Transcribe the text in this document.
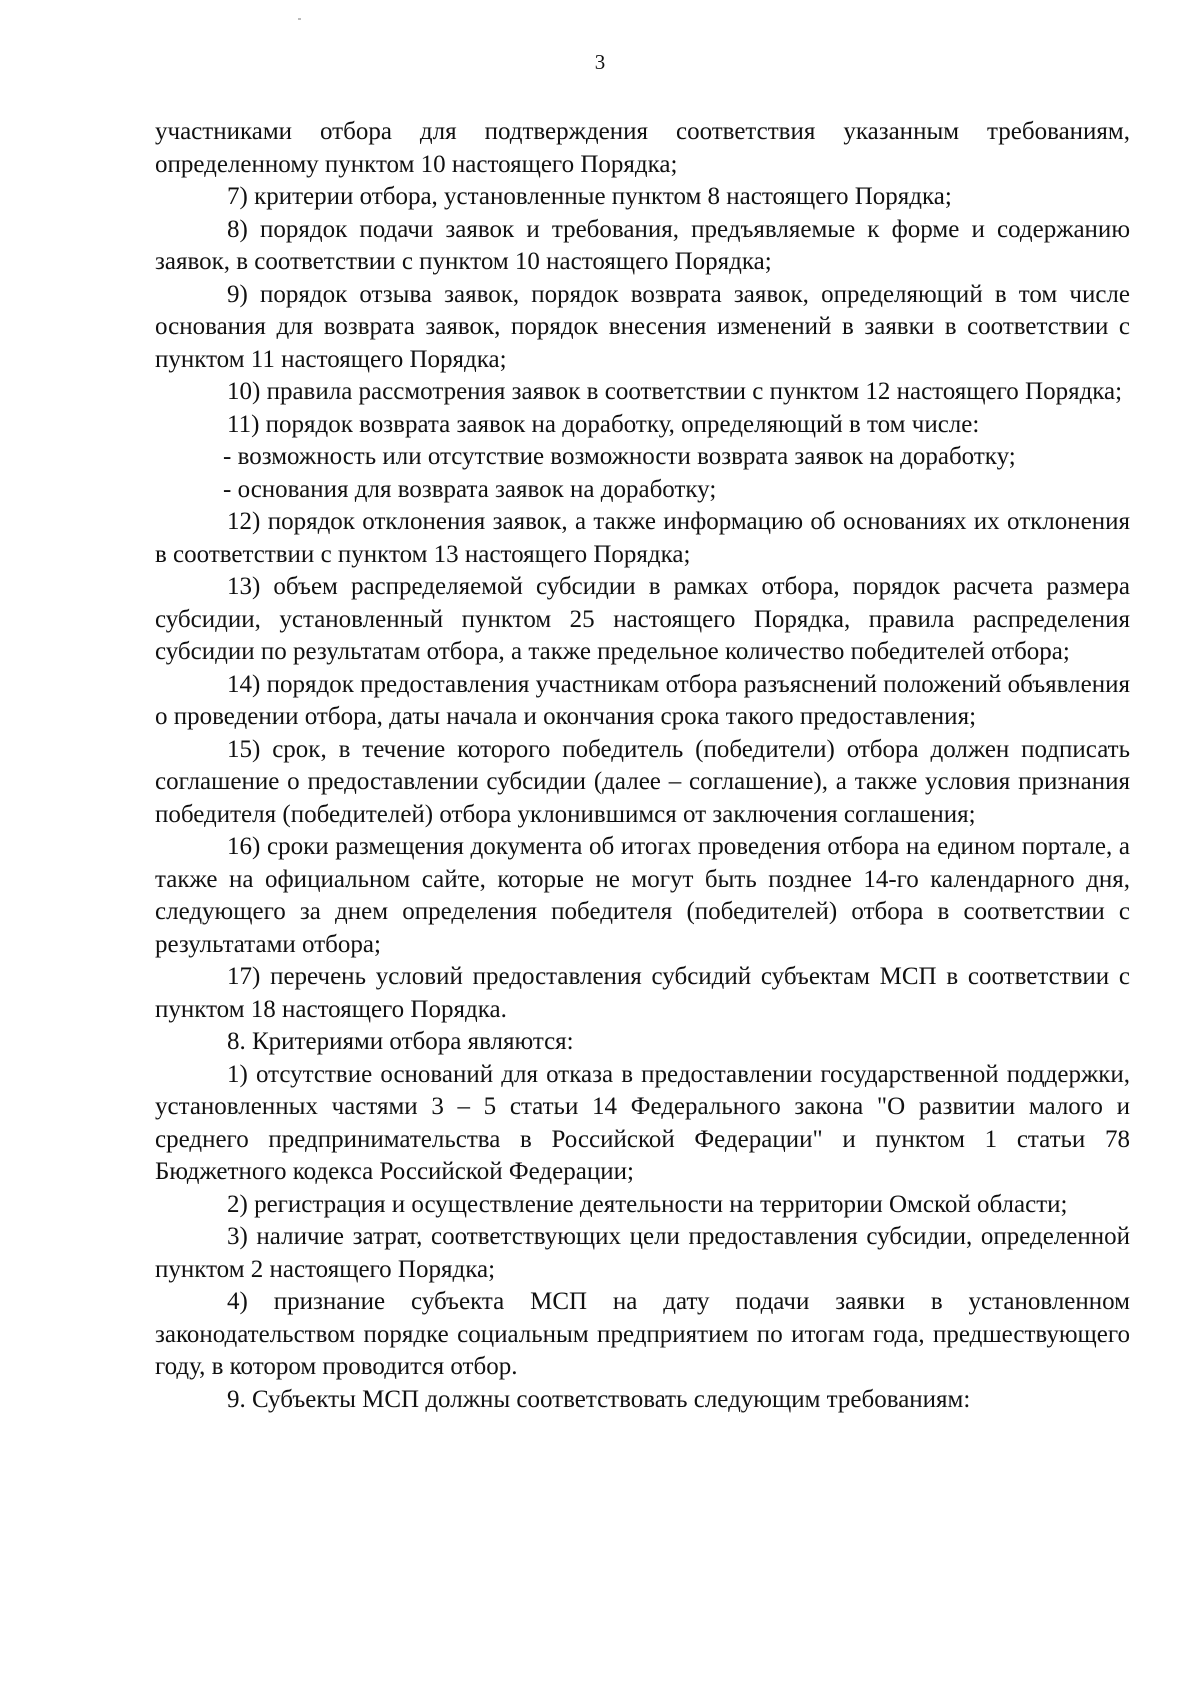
3

участниками отбора для подтверждения соответствия указанным требованиям, определенному пунктом 10 настоящего Порядка;

7) критерии отбора, установленные пунктом 8 настоящего Порядка;

8) порядок подачи заявок и требования, предъявляемые к форме и содержанию заявок, в соответствии с пунктом 10 настоящего Порядка;

9) порядок отзыва заявок, порядок возврата заявок, определяющий в том числе основания для возврата заявок, порядок внесения изменений в заявки в соответствии с пунктом 11 настоящего Порядка;

10) правила рассмотрения заявок в соответствии с пунктом 12 настоящего Порядка;

11) порядок возврата заявок на доработку, определяющий в том числе:

- возможность или отсутствие возможности возврата заявок на доработку;

- основания для возврата заявок на доработку;

12) порядок отклонения заявок, а также информацию об основаниях их отклонения в соответствии с пунктом 13 настоящего Порядка;

13) объем распределяемой субсидии в рамках отбора, порядок расчета размера субсидии, установленный пунктом 25 настоящего Порядка, правила распределения субсидии по результатам отбора, а также предельное количество победителей отбора;

14) порядок предоставления участникам отбора разъяснений положений объявления о проведении отбора, даты начала и окончания срока такого предоставления;

15) срок, в течение которого победитель (победители) отбора должен подписать соглашение о предоставлении субсидии (далее – соглашение), а также условия признания победителя (победителей) отбора уклонившимся от заключения соглашения;

16) сроки размещения документа об итогах проведения отбора на едином портале, а также на официальном сайте, которые не могут быть позднее 14-го календарного дня, следующего за днем определения победителя (победителей) отбора в соответствии с результатами отбора;

17) перечень условий предоставления субсидий субъектам МСП в соответствии с пунктом 18 настоящего Порядка.

8. Критериями отбора являются:

1) отсутствие оснований для отказа в предоставлении государственной поддержки, установленных частями 3 – 5 статьи 14 Федерального закона "О развитии малого и среднего предпринимательства в Российской Федерации" и пунктом 1 статьи 78 Бюджетного кодекса Российской Федерации;

2) регистрация и осуществление деятельности на территории Омской области;

3) наличие затрат, соответствующих цели предоставления субсидии, определенной пунктом 2 настоящего Порядка;

4) признание субъекта МСП на дату подачи заявки в установленном законодательством порядке социальным предприятием по итогам года, предшествующего году, в котором проводится отбор.

9. Субъекты МСП должны соответствовать следующим требованиям:
